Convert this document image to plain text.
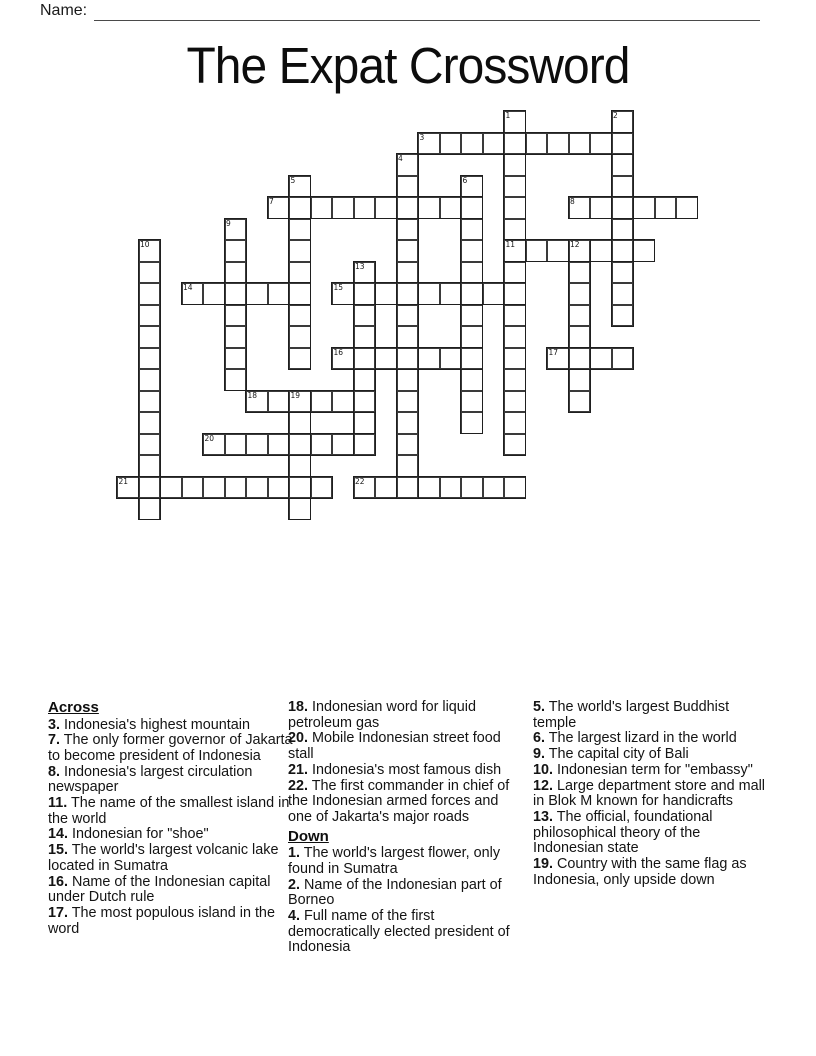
Name:
The Expat Crossword
1	2
3
4
5	6
7	8
9
10	11	12
13
14	15
16	17
18	19
20
21	22
Across

3. Indonesia's highest mountain

7. The only former governor of Jakarta to become president of Indonesia

8. Indonesia's largest circulation newspaper

11. The name of the smallest island in the world

14. Indonesian for "shoe"

15. The world's largest volcanic lake located in Sumatra

16. Name of the Indonesian capital under Dutch rule

17. The most populous island in the word

18. Indonesian word for liquid petroleum gas

20. Mobile Indonesian street food stall

21. Indonesia's most famous dish

22. The first commander in chief of the Indonesian armed forces and one of Jakarta's major roads

Down

1. The world's largest flower, only found in Sumatra

2. Name of the Indonesian part of Borneo

4. Full name of the first democratically elected president of Indonesia

5. The world's largest Buddhist temple

6. The largest lizard in the world

9. The capital city of Bali

10. Indonesian term for "embassy"

12. Large department store and mall in Blok M known for handicrafts

13. The official, foundational philosophical theory of the Indonesian state

19. Country with the same flag as Indonesia, only upside down
